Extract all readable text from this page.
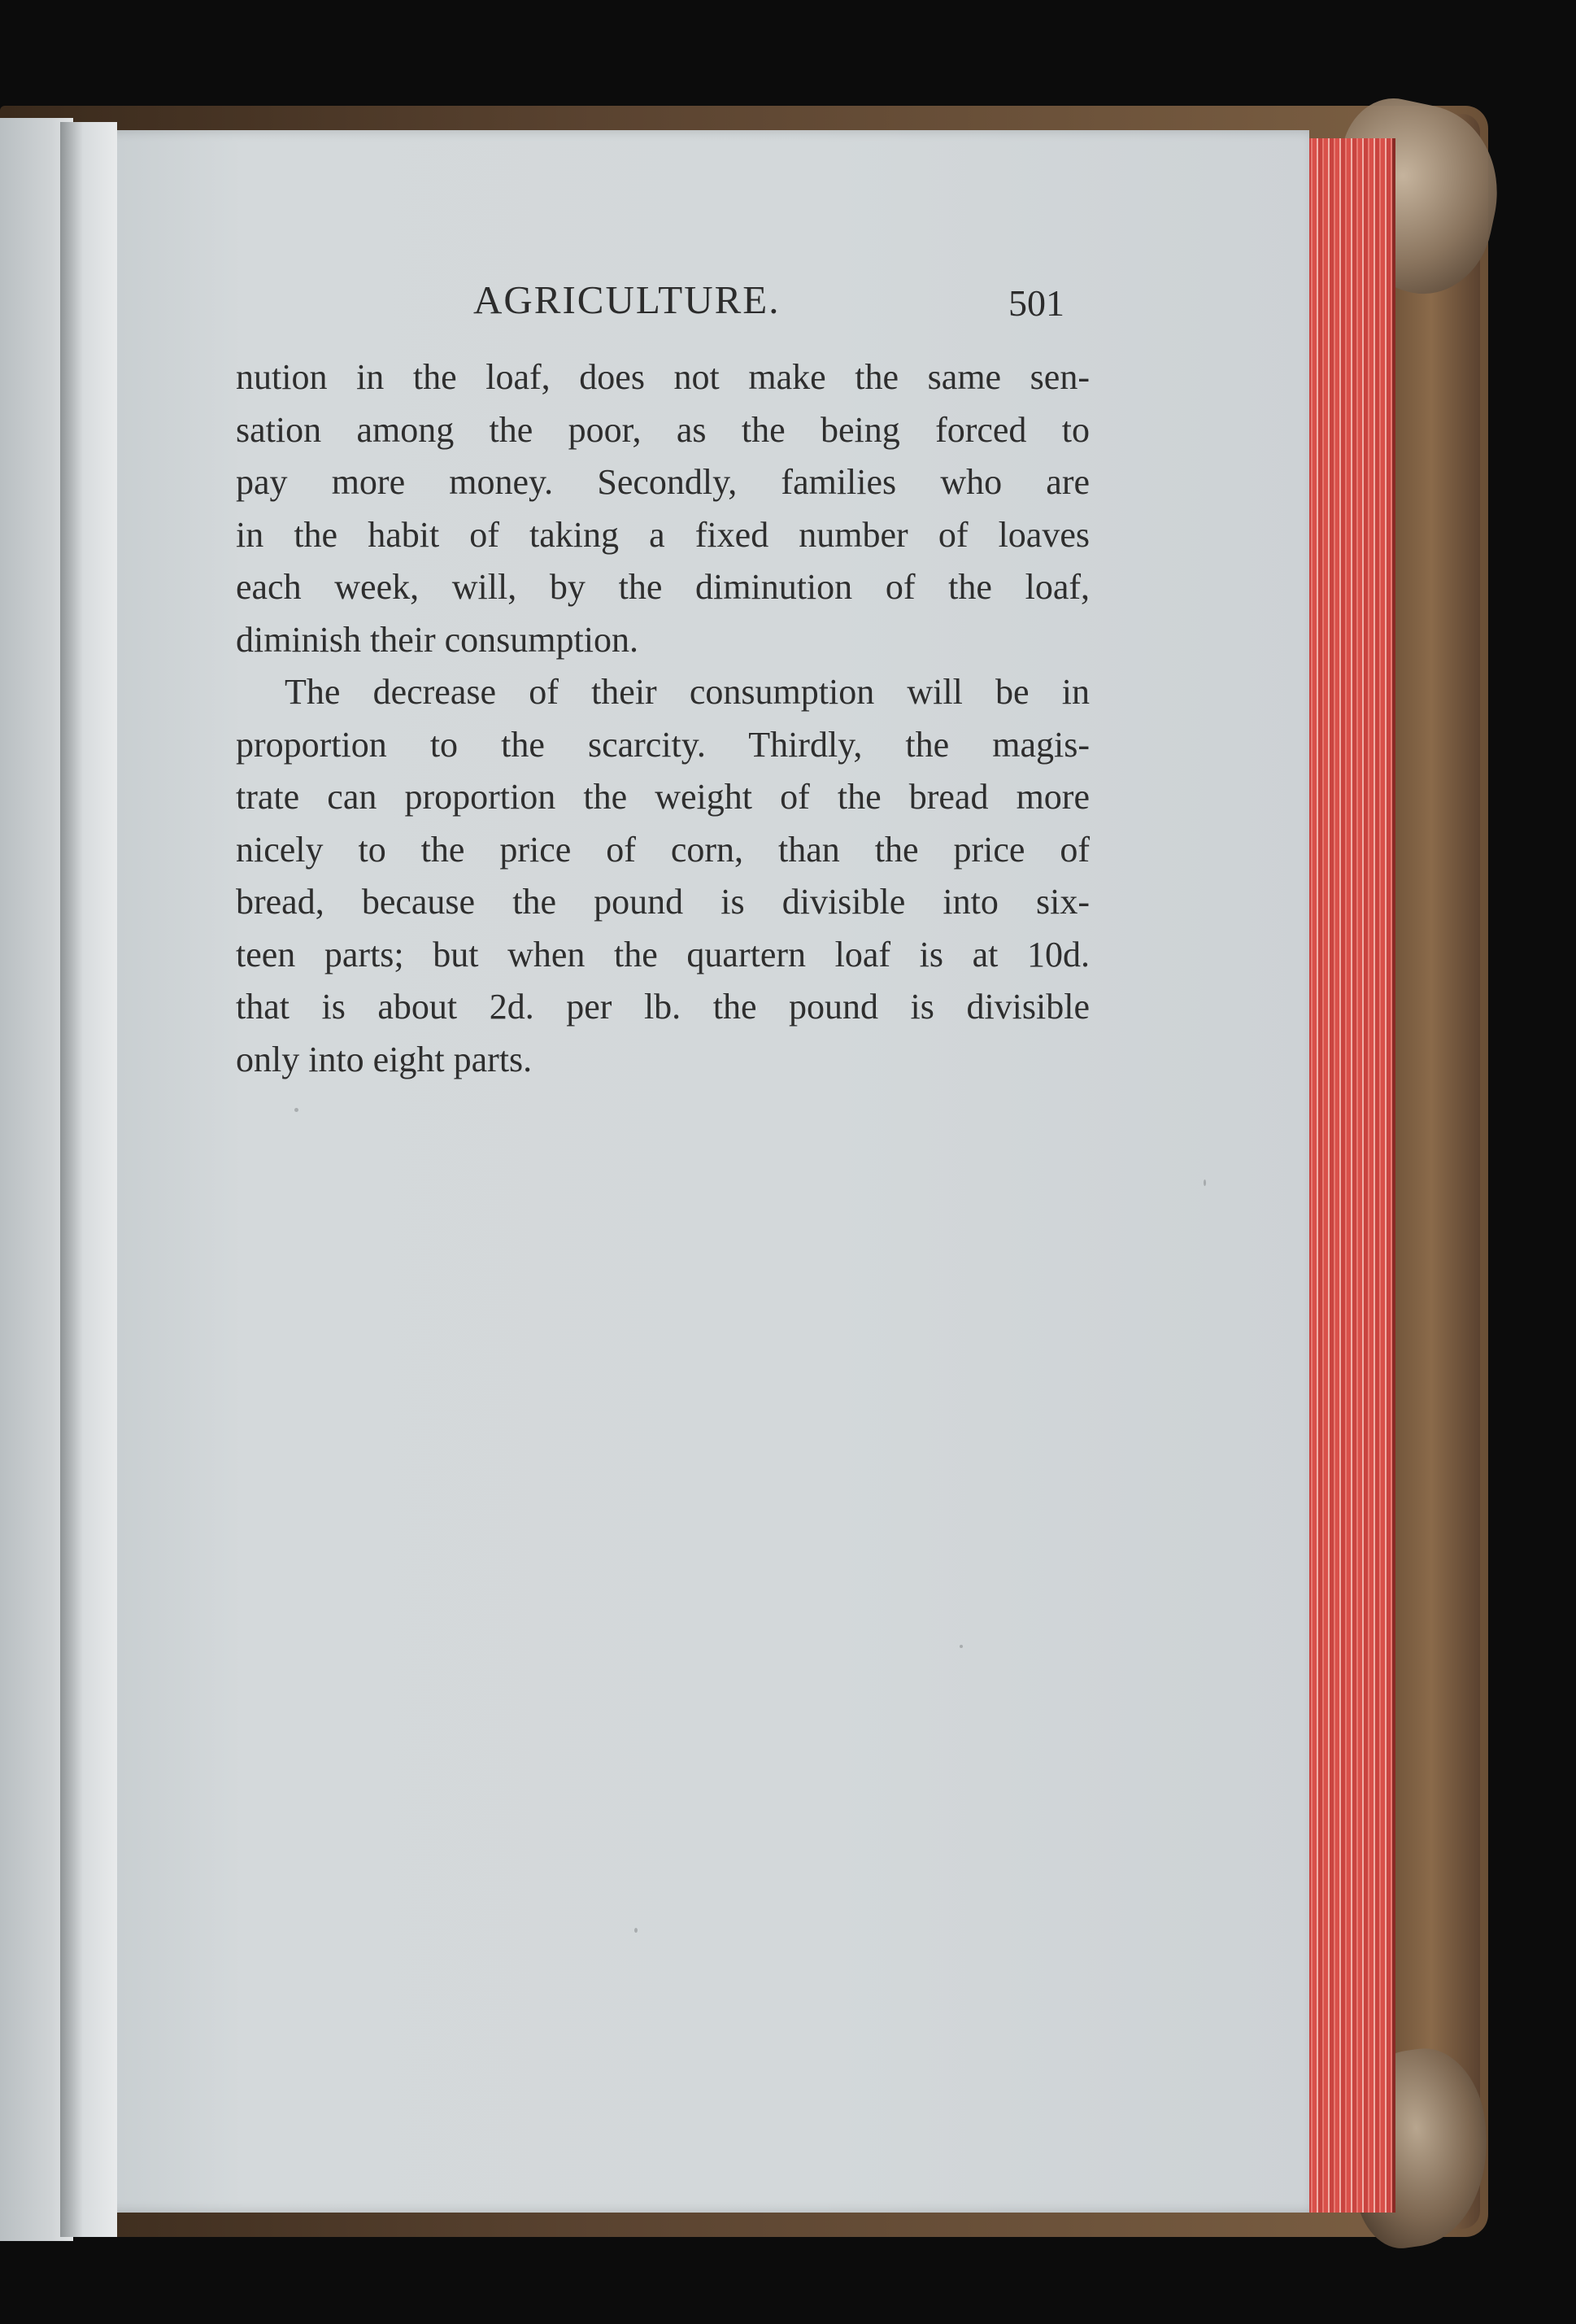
AGRICULTURE.	501
nution in the loaf, does not make the same sen-
sation among the poor, as the being forced to
pay more money. Secondly, families who are
in the habit of taking a fixed number of loaves
each week, will, by the diminution of the loaf,
diminish their consumption.
The decrease of their consumption will be in
proportion to the scarcity. Thirdly, the magis-
trate can proportion the weight of the bread more
nicely to the price of corn, than the price of
bread, because the pound is divisible into six-
teen parts; but when the quartern loaf is at 10d.
that is about 2d. per lb. the pound is divisible
only into eight parts.
